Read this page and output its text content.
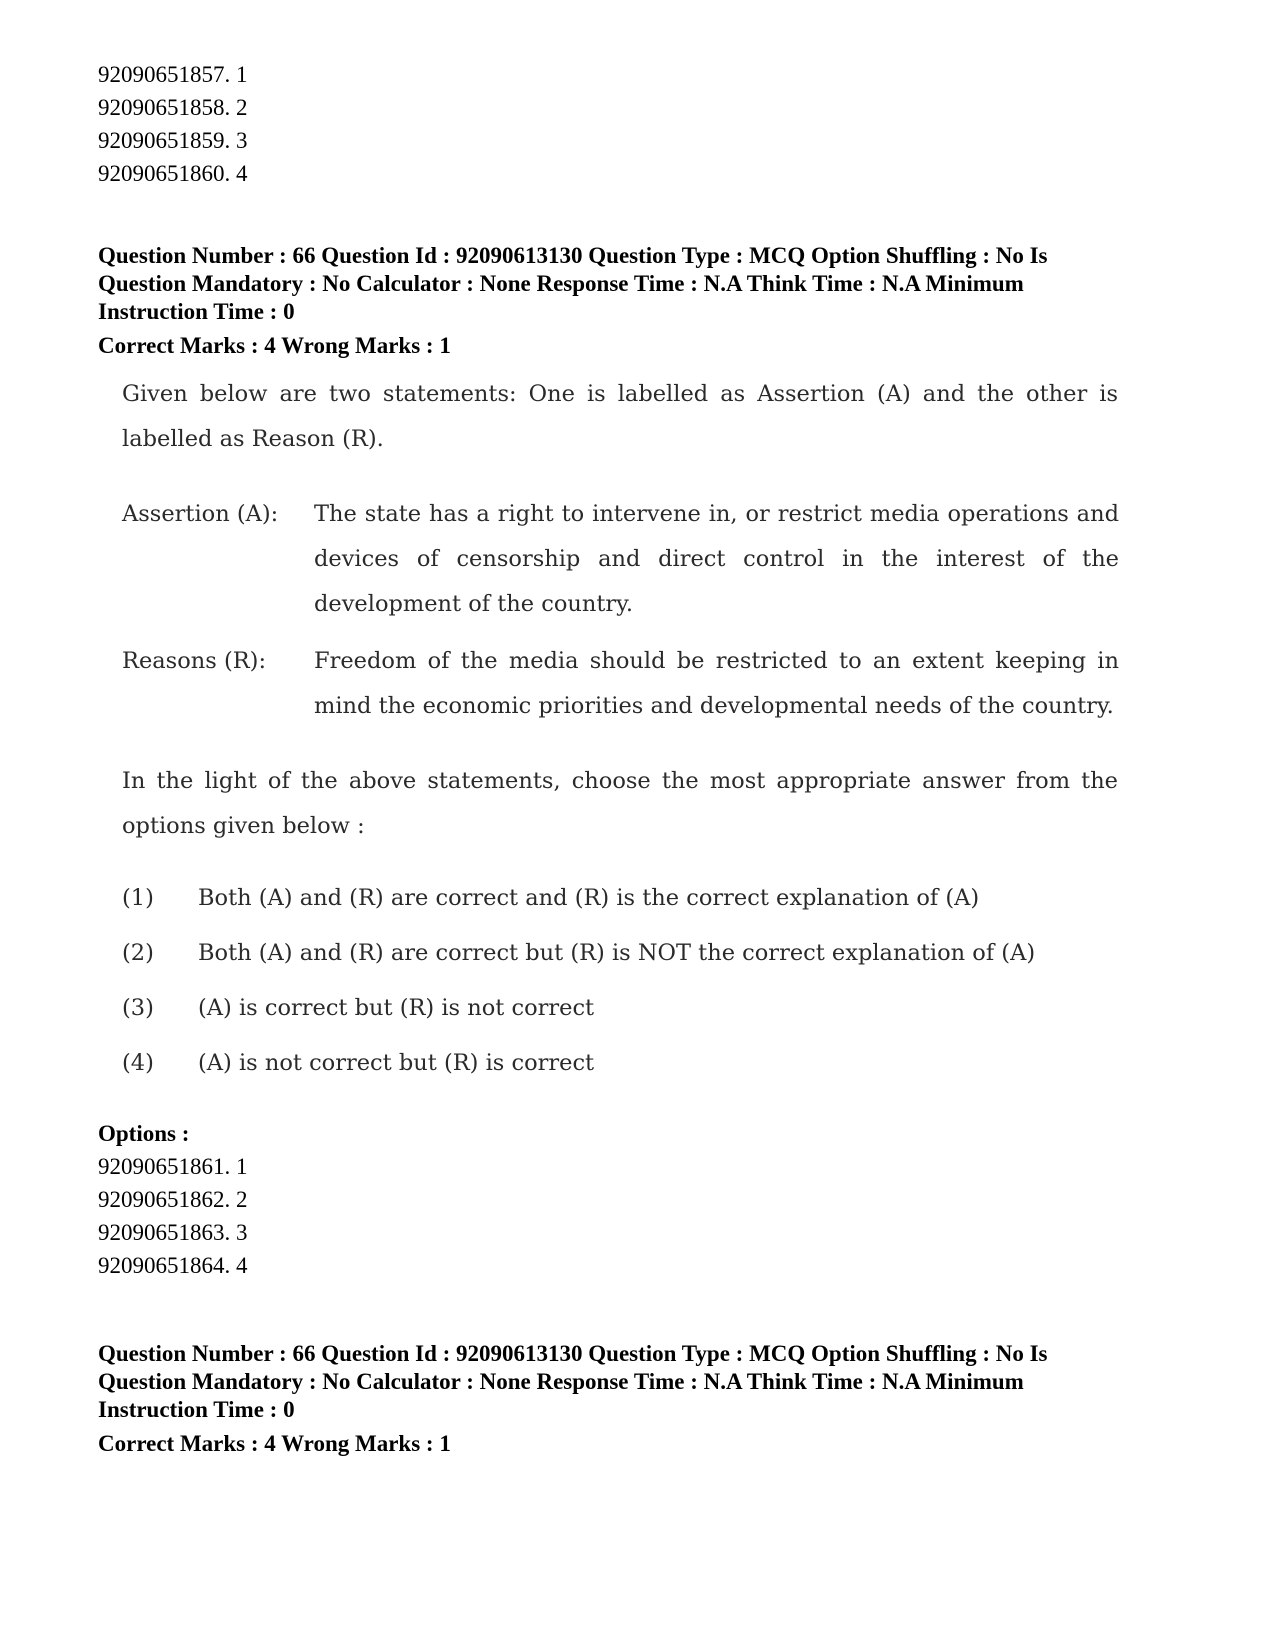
92090651857. 1

92090651858. 2

92090651859. 3

92090651860. 4

Question Number : 66 Question Id : 92090613130 Question Type : MCQ Option Shuffling : No Is

Question Mandatory : No Calculator : None Response Time : N.A Think Time : N.A Minimum

Instruction Time : 0

Correct Marks : 4 Wrong Marks : 1

Given below are two statements: One is labelled as Assertion (A) and the other is labelled as Reason (R).

Assertion (A):	The state has a right to intervene in, or restrict media operations and devices of censorship and direct control in the interest of the development of the country.
Reasons (R):	Freedom of the media should be restricted to an extent keeping in mind the economic priorities and developmental needs of the country.

In the light of the above statements, choose the most appropriate answer from the options given below :

(1)	Both (A) and (R) are correct and (R) is the correct explanation of (A)
(2)	Both (A) and (R) are correct but (R) is NOT the correct explanation of (A)
(3)	(A) is correct but (R) is not correct
(4)	(A) is not correct but (R) is correct

Options :

92090651861. 1

92090651862. 2

92090651863. 3

92090651864. 4

Question Number : 66 Question Id : 92090613130 Question Type : MCQ Option Shuffling : No Is

Question Mandatory : No Calculator : None Response Time : N.A Think Time : N.A Minimum

Instruction Time : 0

Correct Marks : 4 Wrong Marks : 1
